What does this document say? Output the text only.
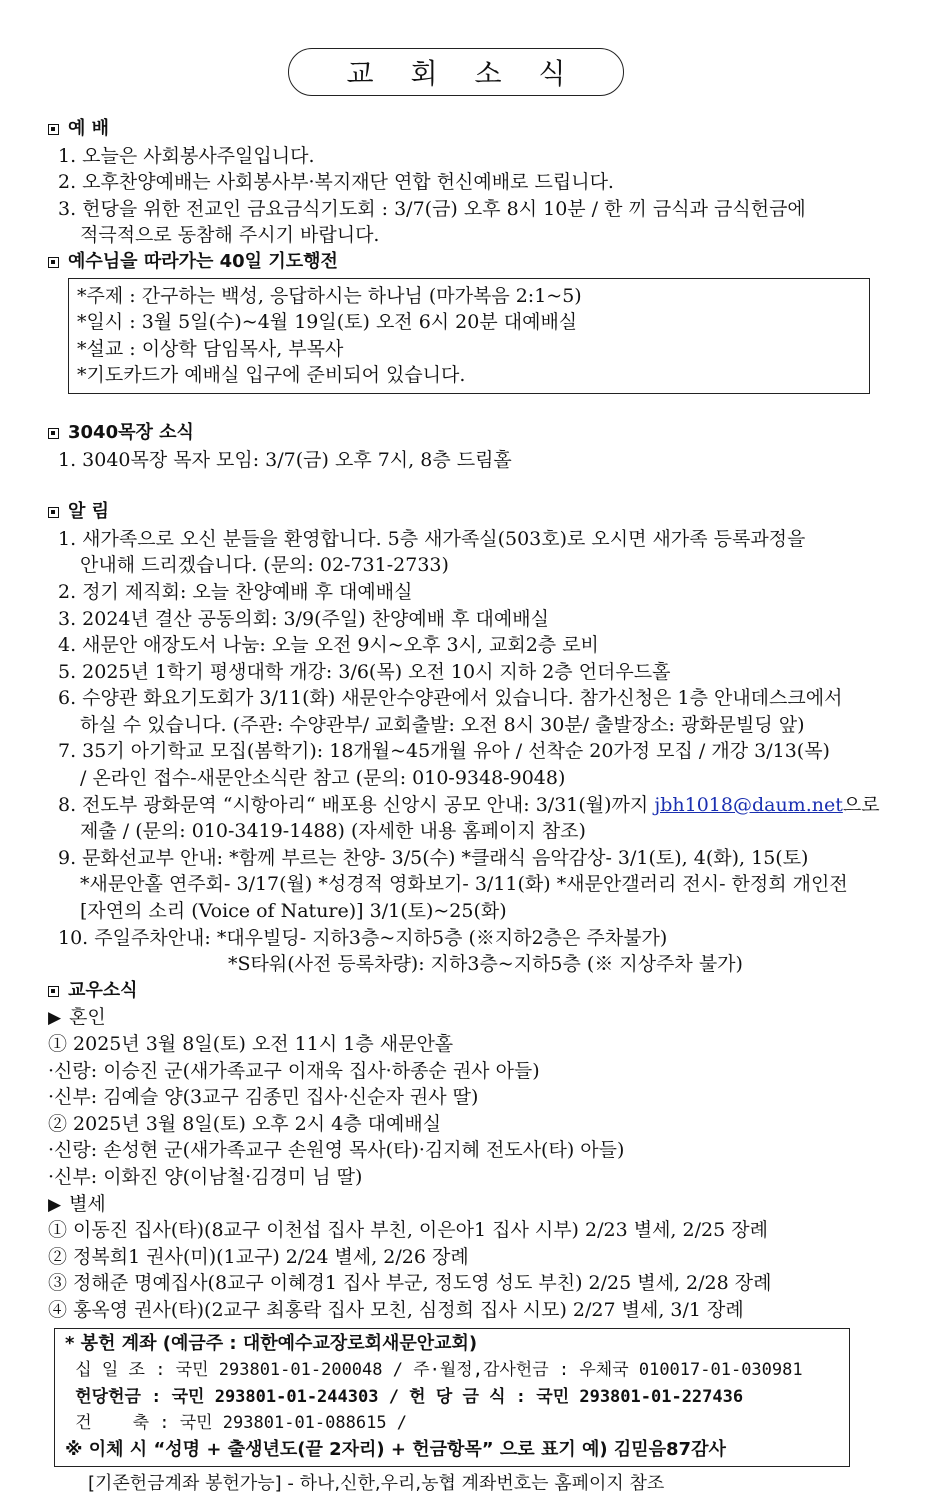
교 회 소 식
예 배
1. 오늘은 사회봉사주일입니다.
2. 오후찬양예배는 사회봉사부·복지재단 연합 헌신예배로 드립니다.
3. 헌당을 위한 전교인 금요금식기도회 : 3/7(금) 오후 8시 10분 / 한 끼 금식과 금식헌금에
적극적으로 동참해 주시기 바랍니다.
예수님을 따라가는 40일 기도행전
*주제 : 간구하는 백성, 응답하시는 하나님 (마가복음 2:1~5)
*일시 : 3월 5일(수)~4월 19일(토) 오전 6시 20분 대예배실
*설교 : 이상학 담임목사, 부목사
*기도카드가 예배실 입구에 준비되어 있습니다.
3040목장 소식
1. 3040목장 목자 모임: 3/7(금) 오후 7시, 8층 드림홀
알 림
1. 새가족으로 오신 분들을 환영합니다. 5층 새가족실(503호)로 오시면 새가족 등록과정을
안내해 드리겠습니다. (문의: 02-731-2733)
2. 정기 제직회: 오늘 찬양예배 후 대예배실
3. 2024년 결산 공동의회: 3/9(주일) 찬양예배 후 대예배실
4. 새문안 애장도서 나눔: 오늘 오전 9시~오후 3시, 교회2층 로비
5. 2025년 1학기 평생대학 개강: 3/6(목) 오전 10시 지하 2층 언더우드홀
6. 수양관 화요기도회가 3/11(화) 새문안수양관에서 있습니다. 참가신청은 1층 안내데스크에서
하실 수 있습니다. (주관: 수양관부/ 교회출발: 오전 8시 30분/ 출발장소: 광화문빌딩 앞)
7. 35기 아기학교 모집(봄학기): 18개월~45개월 유아 / 선착순 20가정 모집 / 개강 3/13(목)
/ 온라인 접수-새문안소식란 참고 (문의: 010-9348-9048)
8. 전도부 광화문역 “시항아리“ 배포용 신앙시 공모 안내: 3/31(월)까지 jbh1018@daum.net으로
제출 / (문의: 010-3419-1488) (자세한 내용 홈페이지 참조)
9. 문화선교부 안내: *함께 부르는 찬양- 3/5(수) *클래식 음악감상- 3/1(토), 4(화), 15(토)
*새문안홀 연주회- 3/17(월) *성경적 영화보기- 3/11(화) *새문안갤러리 전시- 한정희 개인전
[자연의 소리 (Voice of Nature)] 3/1(토)~25(화)
10. 주일주차안내: *대우빌딩- 지하3층~지하5층 (※지하2층은 주차불가)
*S타워(사전 등록차량): 지하3층~지하5층 (※ 지상주차 불가)
교우소식
▶ 혼인
① 2025년 3월 8일(토) 오전 11시 1층 새문안홀
·신랑: 이승진 군(새가족교구 이재욱 집사·하종순 권사 아들)
·신부: 김예슬 양(3교구 김종민 집사·신순자 권사 딸)
② 2025년 3월 8일(토) 오후 2시 4층 대예배실
·신랑: 손성현 군(새가족교구 손원영 목사(타)·김지혜 전도사(타) 아들)
·신부: 이화진 양(이남철·김경미 님 딸)
▶ 별세
① 이동진 집사(타)(8교구 이천섭 집사 부친, 이은아1 집사 시부) 2/23 별세, 2/25 장례
② 정복희1 권사(미)(1교구) 2/24 별세, 2/26 장례
③ 정해준 명예집사(8교구 이혜경1 집사 부군, 정도영 성도 부친) 2/25 별세, 2/28 장례
④ 홍옥영 권사(타)(2교구 최홍락 집사 모친, 심정희 집사 시모) 2/27 별세, 3/1 장례
* 봉헌 계좌 (예금주 : 대한예수교장로회새문안교회)
십 일 조 : 국민 293801-01-200048 / 주·월정,감사헌금 : 우체국 010017-01-030981
헌당헌금 : 국민 293801-01-244303 / 헌 당 금 식 : 국민 293801-01-227436
건    축 : 국민 293801-01-088615 /
※ 이체 시 “성명 + 출생년도(끝 2자리) + 헌금항목” 으로 표기 예) 김믿음87감사
[기존헌금계좌 봉헌가능] - 하나,신한,우리,농협 계좌번호는 홈페이지 참조
